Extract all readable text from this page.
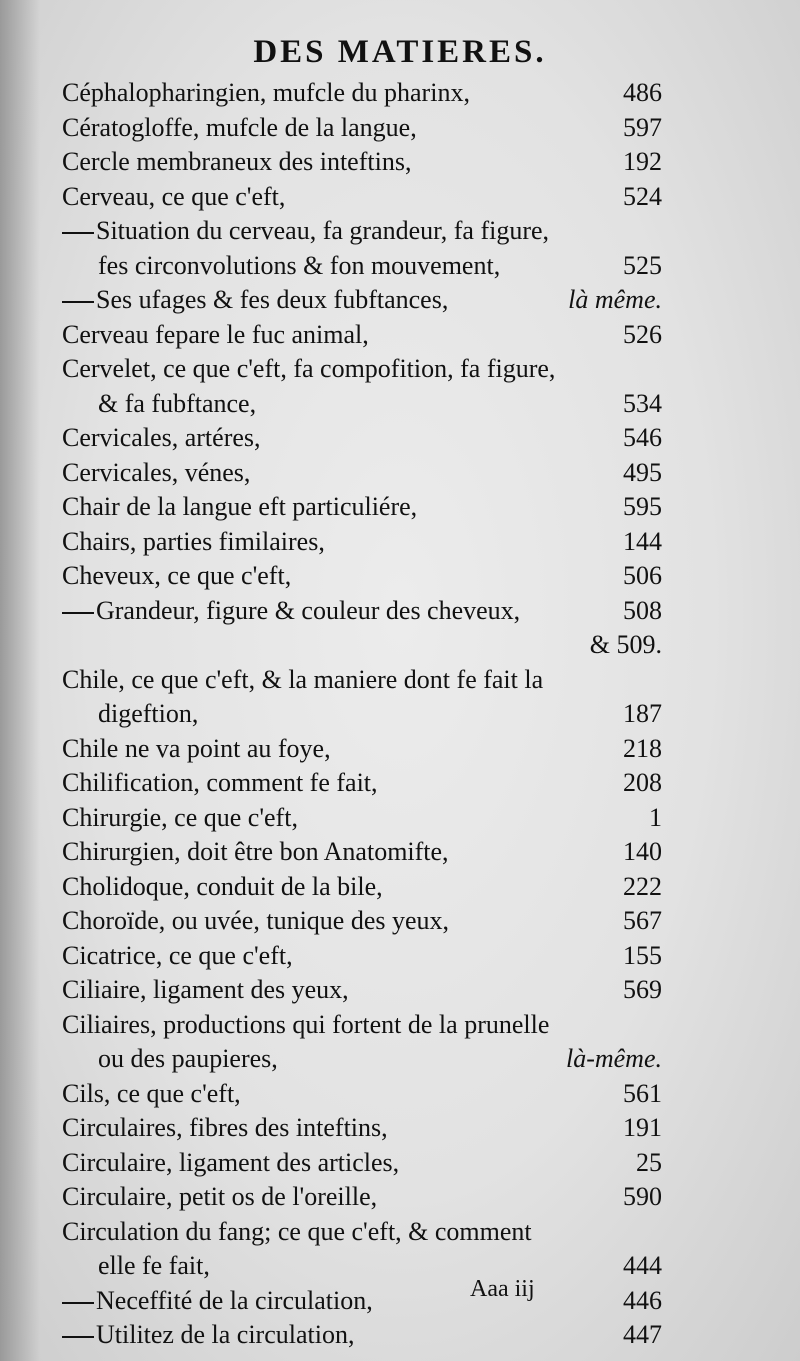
DES MATIERES.
Céphalopharingien, mufcle du pharinx,	486
Cératogloffe, mufcle de la langue,	597
Cercle membraneux des inteftins,	192
Cerveau, ce que c'eft,	524
Situation du cerveau, fa grandeur, fa figure,
fes circonvolutions & fon mouvement,	525
Ses ufages & fes deux fubftances,	là même.
Cerveau fepare le fuc animal,	526
Cervelet, ce que c'eft, fa compofition, fa figure,
& fa fubftance,	534
Cervicales, artéres,	546
Cervicales, vénes,	495
Chair de la langue eft particuliére,	595
Chairs, parties fimilaires,	144
Cheveux, ce que c'eft,	506
Grandeur, figure & couleur des cheveux,	508
& 509.
Chile, ce que c'eft, & la maniere dont fe fait la
digeftion,	187
Chile ne va point au foye,	218
Chilification, comment fe fait,	208
Chirurgie, ce que c'eft,	1
Chirurgien, doit être bon Anatomifte,	140
Cholidoque, conduit de la bile,	222
Choroïde, ou uvée, tunique des yeux,	567
Cicatrice, ce que c'eft,	155
Ciliaire, ligament des yeux,	569
Ciliaires, productions qui fortent de la prunelle
ou des paupieres,	là-même.
Cils, ce que c'eft,	561
Circulaires, fibres des inteftins,	191
Circulaire, ligament des articles,	25
Circulaire, petit os de l'oreille,	590
Circulation du fang; ce que c'eft, & comment
elle fe fait,	444
Neceffité de la circulation,	446
Utilitez de la circulation,	447
Aaa iij
